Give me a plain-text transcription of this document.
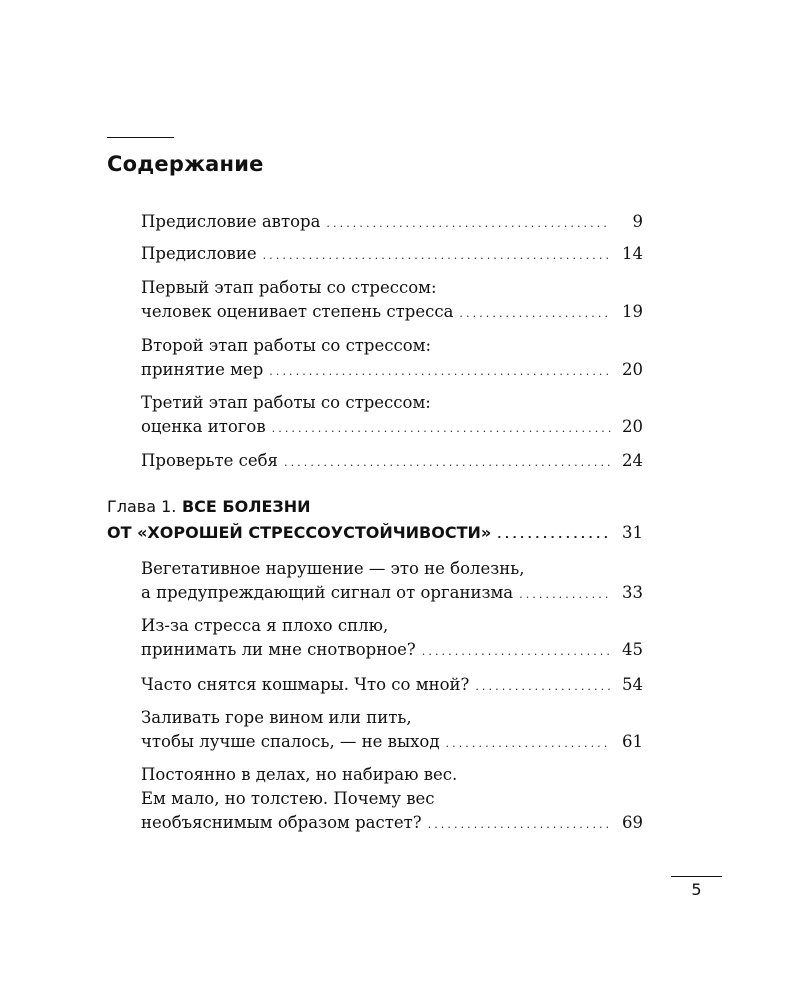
Содержание
Предисловие автора . . .	9
Предисловие . . .	14
Первый этап работы со стрессом:
человек оценивает степень стресса . . .	19
Второй этап работы со стрессом:
принятие мер . . .	20
Третий этап работы со стрессом:
оценка итогов . . .	20
Проверьте себя . . .	24
Глава 1. ВСЕ БОЛЕЗНИ
ОТ «ХОРОШЕЙ СТРЕССОУСТОЙЧИВОСТИ» . . .	31
Вегетативное нарушение — это не болезнь,
а предупреждающий сигнал от организма . . .	33
Из-за стресса я плохо сплю,
принимать ли мне снотворное? . . .	45
Часто снятся кошмары. Что со мной? . . .	54
Заливать горе вином или пить,
чтобы лучше спалось, — не выход . . .	61
Постоянно в делах, но набираю вес.
Ем мало, но толстею. Почему вес
необъяснимым образом растет? . . .	69
5
